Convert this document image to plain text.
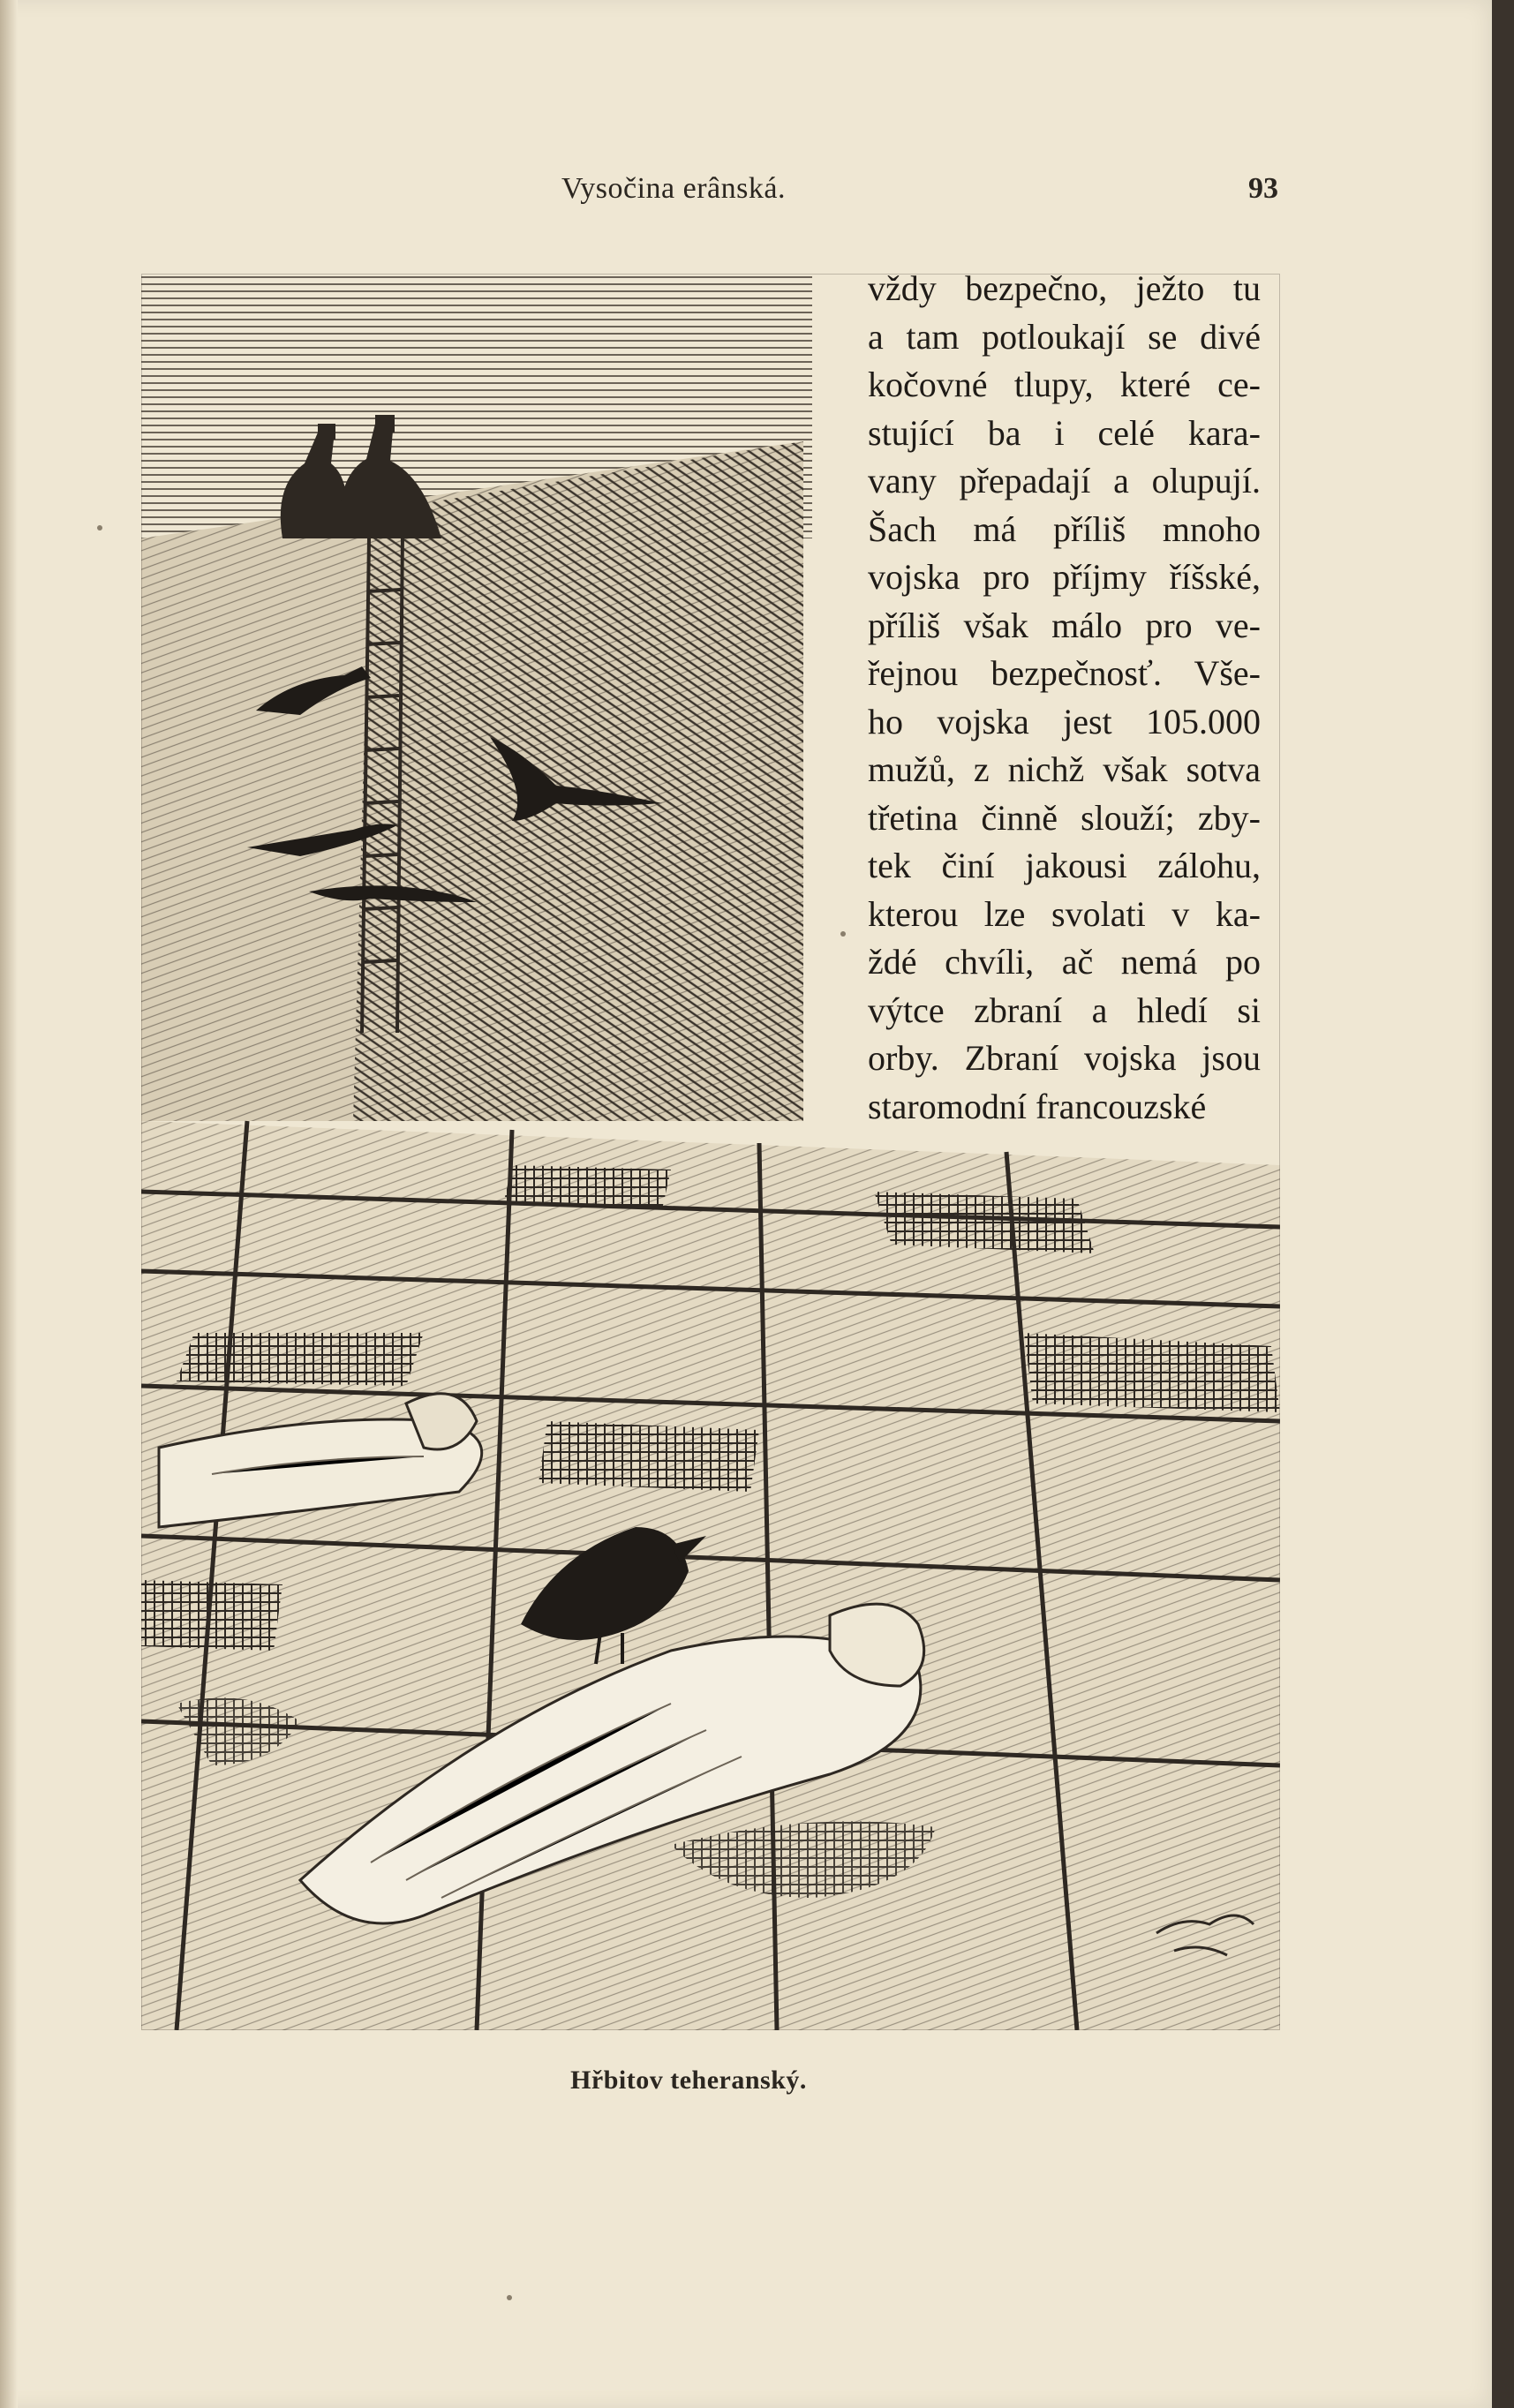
Vysočina erânská.	93
vždy bezpečno, ježto tu
a tam potloukají se divé
kočovné tlupy, které ce-
stující ba i celé kara-
vany přepadají a olupují.
Šach má příliš mnoho
vojska pro příjmy říšské,
příliš však málo pro ve-
řejnou bezpečnosť. Vše-
ho vojska jest 105.000
mužů, z nichž však sotva
třetina činně slouží; zby-
tek činí jakousi zálohu,
kterou lze svolati v ka-
ždé chvíli, ač nemá po
výtce zbraní a hledí si
orby. Zbraní vojska jsou
staromodní francouzské
Hřbitov teheranský.
